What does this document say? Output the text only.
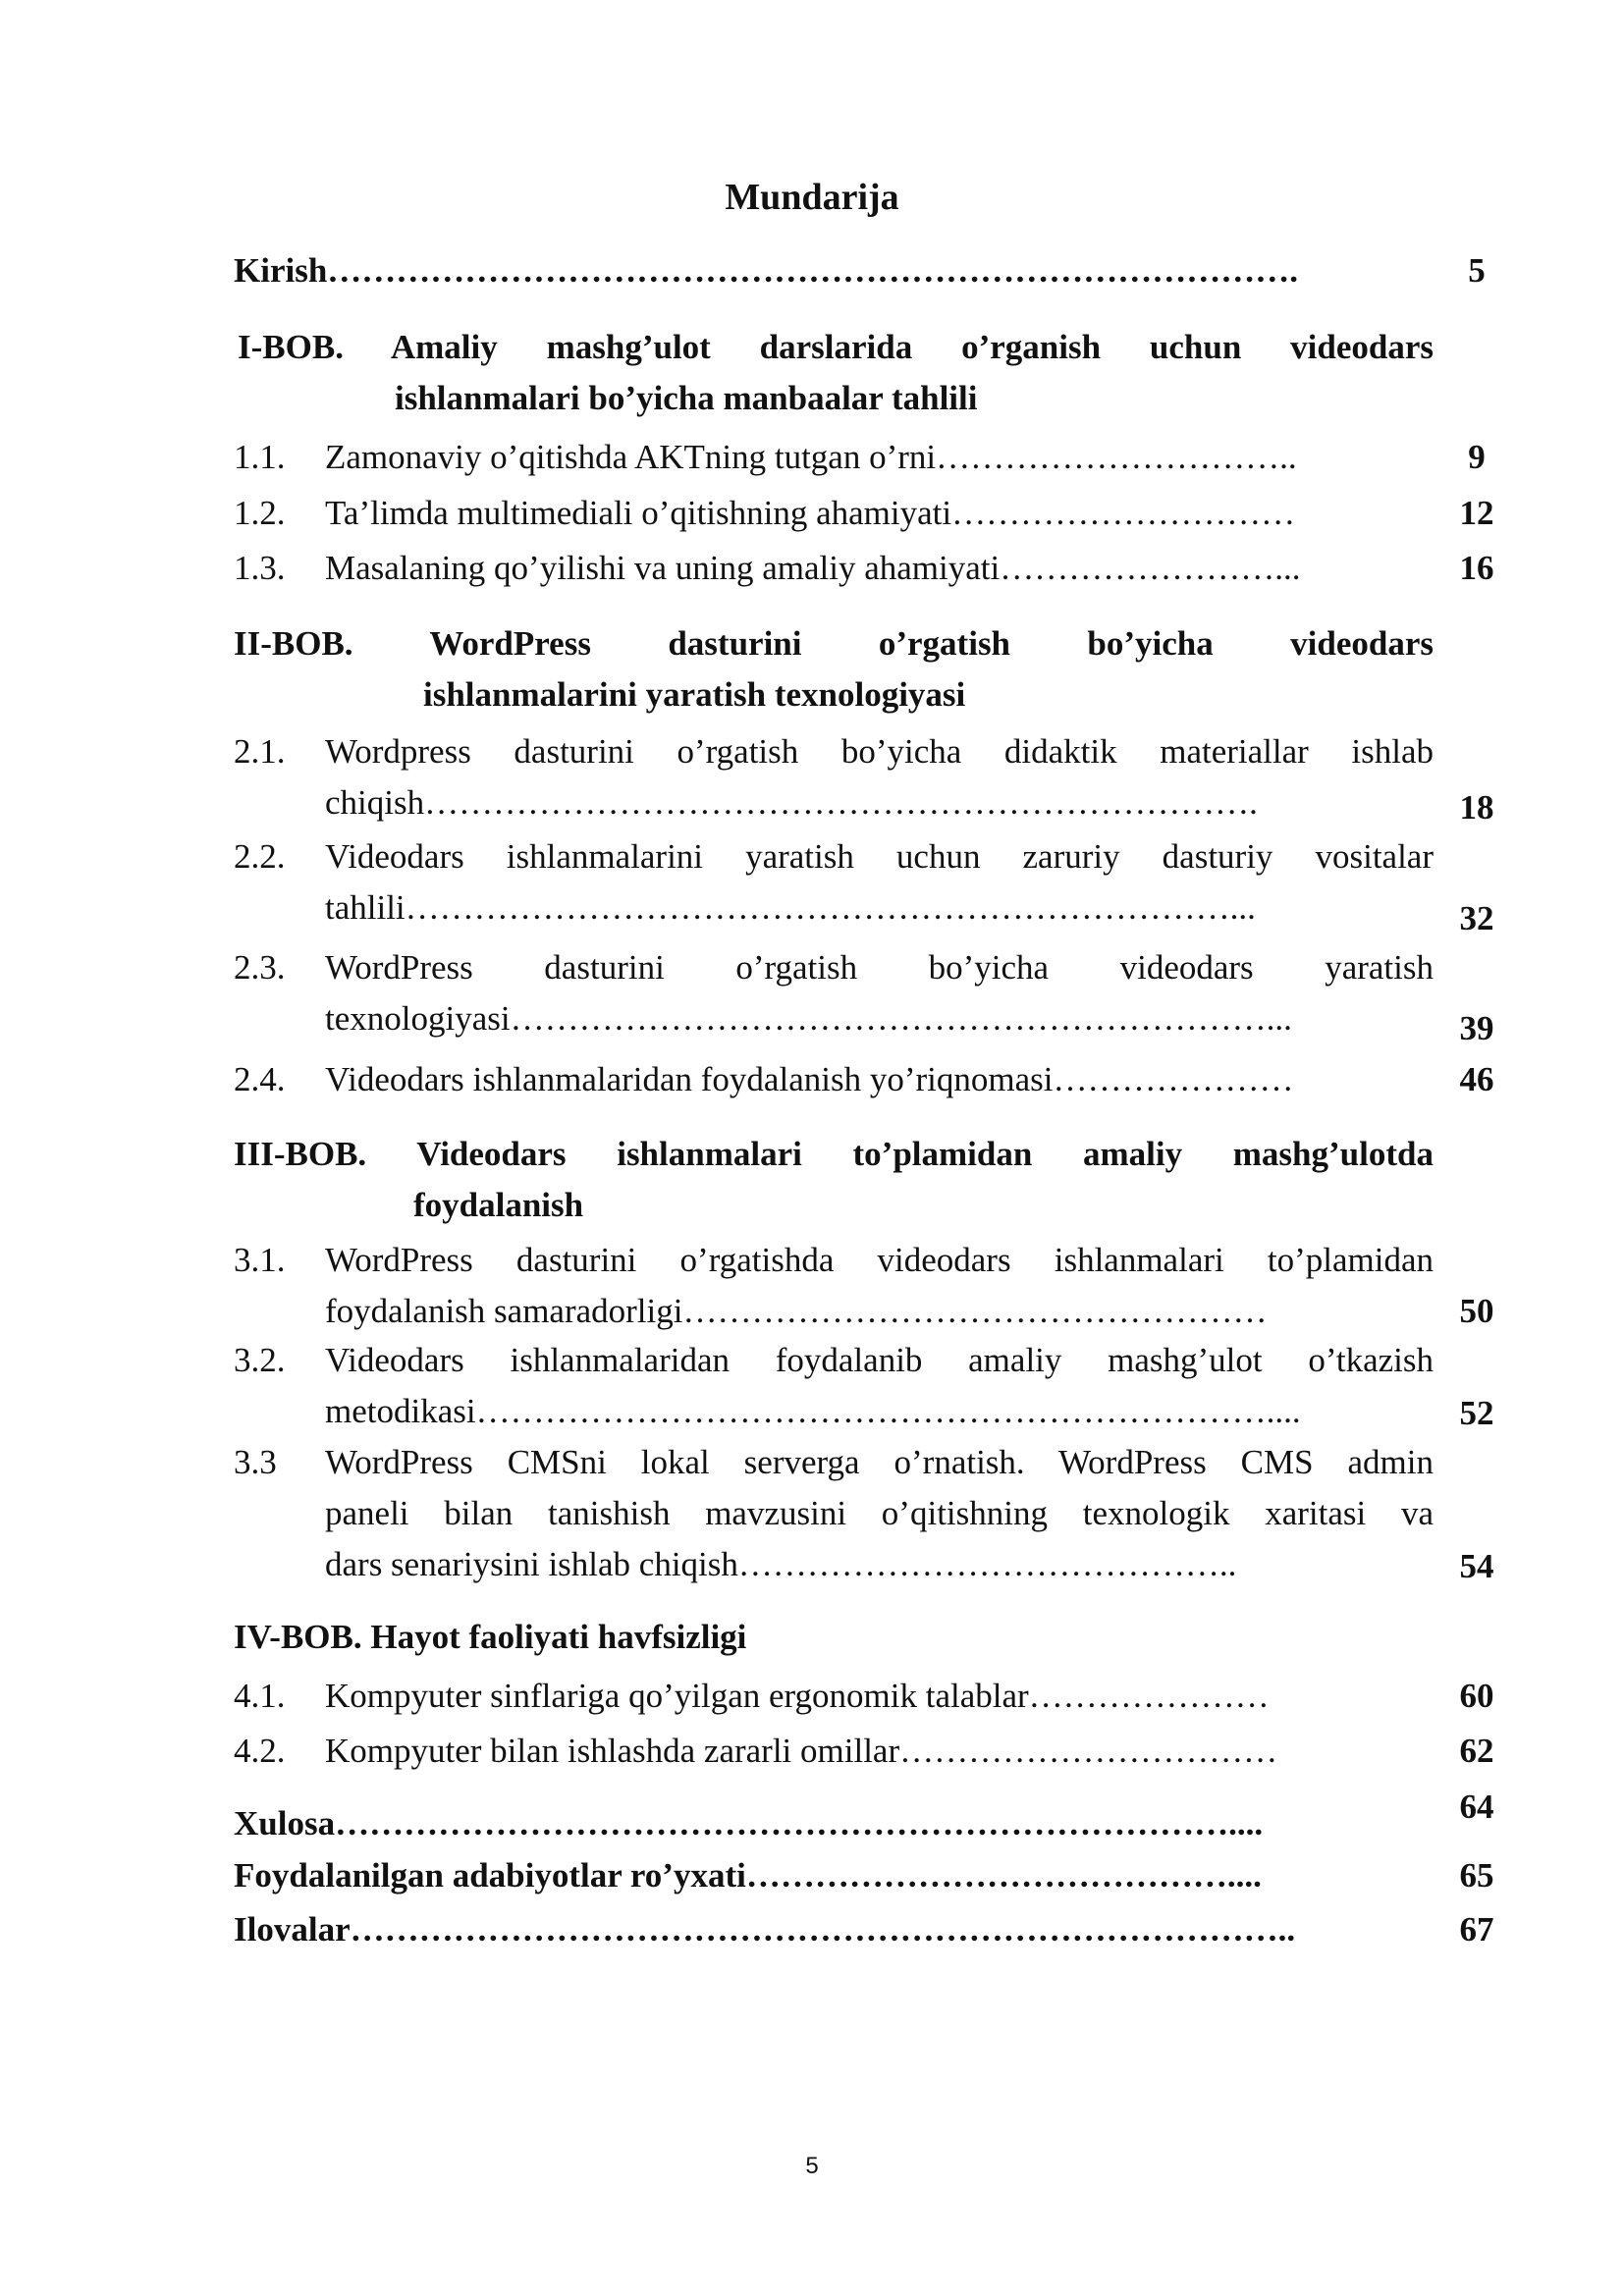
Mundarija
Kirish………………………………………………………………………….	5
I-BOB. Amaliy mashg’ulot darslarida o’rganish uchun videodars
ishlanmalari bo’yicha manbaalar tahlili
1.1. Zamonaviy o’qitishda AKTning tutgan o’rni…………………………..	9
1.2. Ta’limda multimediali o’qitishning ahamiyati…………………………	12
1.3. Masalaning qo’yilishi va uning amaliy ahamiyati……………………...	16
II-BOB. WordPress dasturini o’rgatish bo’yicha videodars
ishlanmalarini yaratish texnologiyasi
2.1. Wordpress dasturini o’rgatish bo’yicha didaktik materiallar ishlab
chiqish……………………………………………………………….	18
2.2. Videodars ishlanmalarini yaratish uchun zaruriy dasturiy vositalar
tahlili………………………………………………………………...	32
2.3. WordPress dasturini o’rgatish bo’yicha videodars yaratish
texnologiyasi…………………………………………………………...	39
2.4. Videodars ishlanmalaridan foydalanish yo’riqnomasi…………………	46
III-BOB. Videodars ishlanmalari to’plamidan amaliy mashg’ulotda
foydalanish
3.1. WordPress dasturini o’rgatishda videodars ishlanmalari to’plamidan
foydalanish samaradorligi……………………………………………	50
3.2. Videodars ishlanmalaridan foydalanib amaliy mashg’ulot o’tkazish
metodikasi……………………………………………………………....	52
3.3 WordPress CMSni lokal serverga o’rnatish. WordPress CMS admin
paneli bilan tanishish mavzusini o’qitishning texnologik xaritasi va
dars senariysini ishlab chiqish……………………………………..	54
IV-BOB. Hayot faoliyati havfsizligi
4.1. Kompyuter sinflariga qo’yilgan ergonomik talablar…………………	60
4.2. Kompyuter bilan ishlashda zararli omillar……………………………	62
Xulosa……………………………………………………………………....	64
Foydalanilgan adabiyotlar ro’yxati……………………………………....	65
Ilovalar………………………………………………………………………..	67
5
